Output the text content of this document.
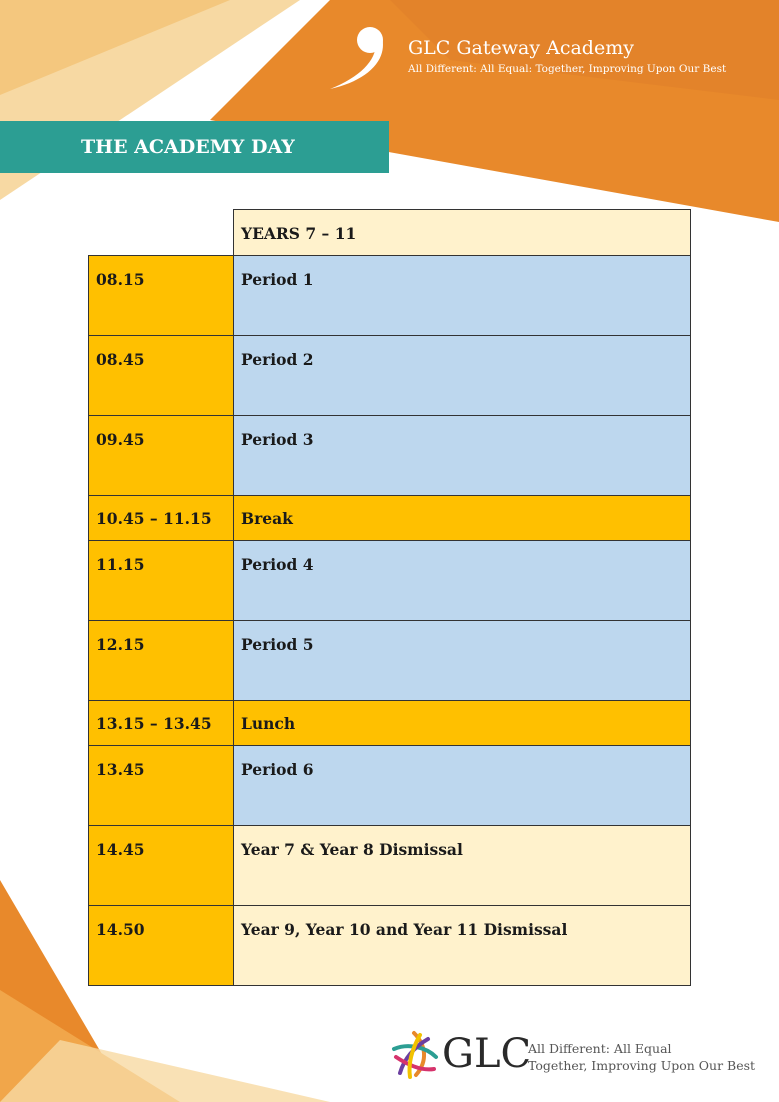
GLC Gateway Academy
All Different: All Equal: Together, Improving Upon Our Best
THE ACADEMY DAY
	YEARS 7 – 11
08.15	Period 1
08.45	Period 2
09.45	Period 3
10.45 – 11.15	Break
11.15	Period 4
12.15	Period 5
13.15 – 13.45	Lunch
13.45	Period 6
14.45	Year 7 & Year 8 Dismissal
14.50	Year 9, Year 10 and Year 11 Dismissal
GLC
All Different: All Equal
Together, Improving Upon Our Best
